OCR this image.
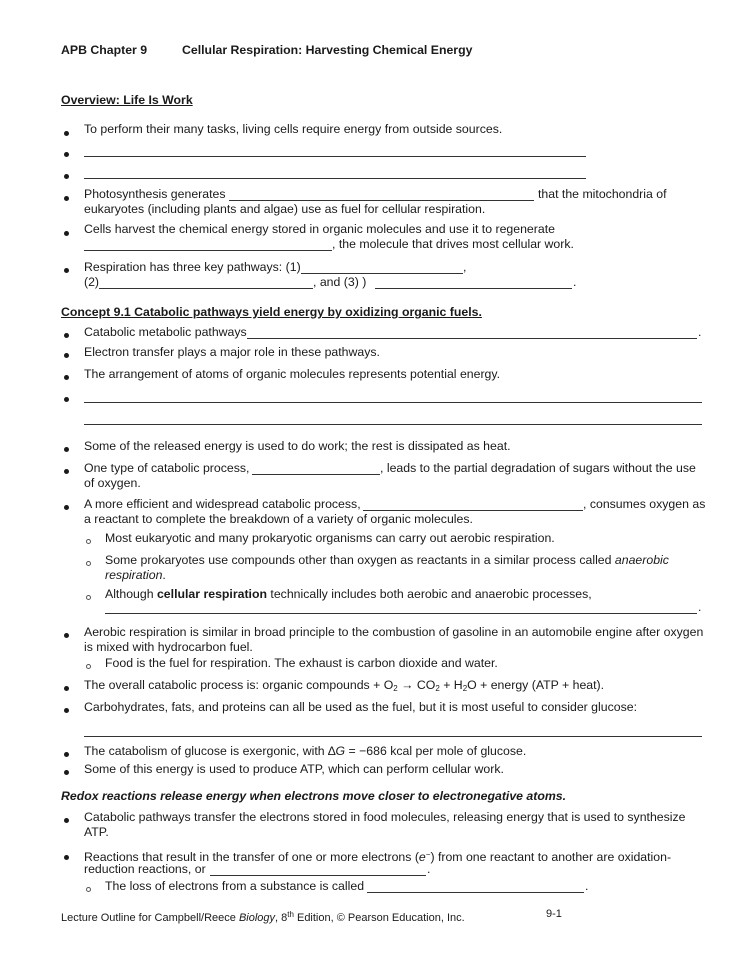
APB Chapter 9	Cellular Respiration: Harvesting Chemical Energy
Overview: Life Is Work
To perform their many tasks, living cells require energy from outside sources.
Photosynthesis generates	that the mitochondria of
eukaryotes (including plants and algae) use as fuel for cellular respiration.
Cells harvest the chemical energy stored in organic molecules and use it to regenerate
, the molecule that drives most cellular work.
Respiration has three key pathways: (1)	,
(2)	, and (3) )	.
Concept 9.1 Catabolic pathways yield energy by oxidizing organic fuels.
Catabolic metabolic pathways	.
Electron transfer plays a major role in these pathways.
The arrangement of atoms of organic molecules represents potential energy.
Some of the released energy is used to do work; the rest is dissipated as heat.
One type of catabolic process,	, leads to the partial degradation of sugars without the use
of oxygen.
A more efficient and widespread catabolic process,	, consumes oxygen as
a reactant to complete the breakdown of a variety of organic molecules.
Most eukaryotic and many prokaryotic organisms can carry out aerobic respiration.
Some prokaryotes use compounds other than oxygen as reactants in a similar process called anaerobic
respiration.
Although cellular respiration technically includes both aerobic and anaerobic processes,
.
Aerobic respiration is similar in broad principle to the combustion of gasoline in an automobile engine after oxygen
is mixed with hydrocarbon fuel.
Food is the fuel for respiration. The exhaust is carbon dioxide and water.
The overall catabolic process is: organic compounds + $O_2 \to CO_2 + H_2O$ + energy (ATP + heat).
Carbohydrates, fats, and proteins can all be used as the fuel, but it is most useful to consider glucose:
The catabolism of glucose is exergonic, with ∆G = −686 kcal per mole of glucose.
Some of this energy is used to produce ATP, which can perform cellular work.
Redox reactions release energy when electrons move closer to electronegative atoms.
Catabolic pathways transfer the electrons stored in food molecules, releasing energy that is used to synthesize
ATP.
Reactions that result in the transfer of one or more electrons (e−) from one reactant to another are oxidation-
reduction reactions, or	.
The loss of electrons from a substance is called	.
Lecture Outline for Campbell/Reece Biology, 8th Edition, © Pearson Education, Inc.	9-1
